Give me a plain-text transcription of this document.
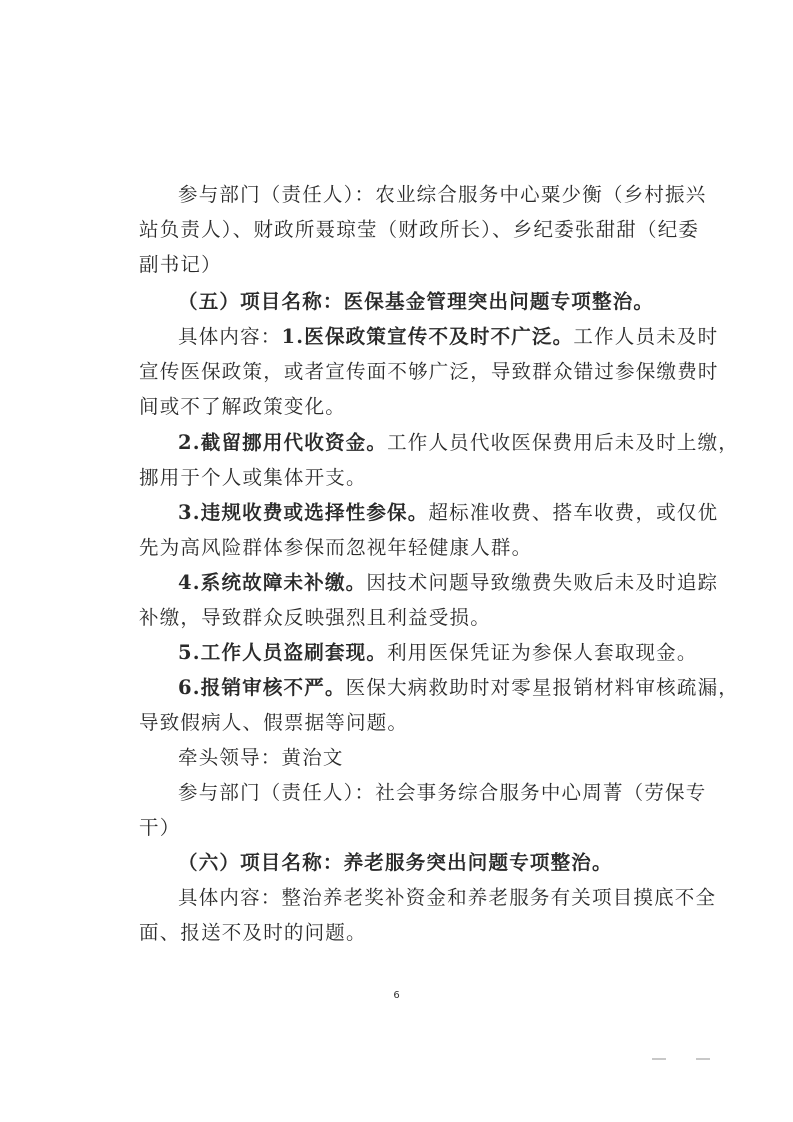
参与部门（责任人）：农业综合服务中心粟少衡（乡村振兴
站负责人）、财政所聂琼莹（财政所长）、乡纪委张甜甜（纪委
副书记）
（五）项目名称：医保基金管理突出问题专项整治。
具体内容：1.医保政策宣传不及时不广泛。工作人员未及时
宣传医保政策，或者宣传面不够广泛，导致群众错过参保缴费时
间或不了解政策变化。
2.截留挪用代收资金。工作人员代收医保费用后未及时上缴，
挪用于个人或集体开支。
3.违规收费或选择性参保。超标准收费、搭车收费，或仅优
先为高风险群体参保而忽视年轻健康人群。
4.系统故障未补缴。因技术问题导致缴费失败后未及时追踪
补缴，导致群众反映强烈且利益受损。
5.工作人员盗刷套现。利用医保凭证为参保人套取现金。
6.报销审核不严。医保大病救助时对零星报销材料审核疏漏，
导致假病人、假票据等问题。
牵头领导：黄治文
参与部门（责任人）：社会事务综合服务中心周菁（劳保专
干）
（六）项目名称：养老服务突出问题专项整治。
具体内容：整治养老奖补资金和养老服务有关项目摸底不全
面、报送不及时的问题。
6
